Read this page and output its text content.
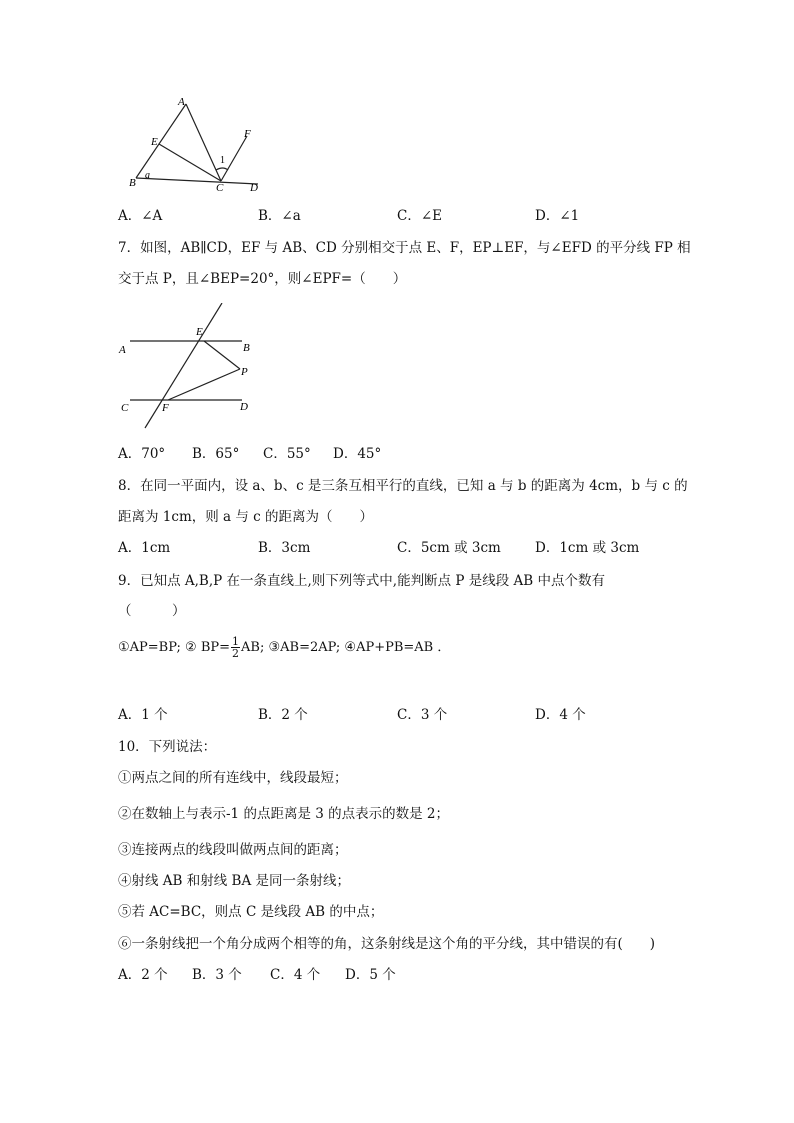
A
E
F
B	C D
a
1
A．∠A	B．∠a	C．∠E	D．∠1
7．如图，AB∥CD，EF 与 AB、CD 分别相交于点 E、F，EP⊥EF，与∠EFD 的平分线 FP 相
交于点 P，且∠BEP=20°，则∠EPF=（　　）
A
E
B
P
C	F	D
A．70° B．65° C．55° D．45°
8．在同一平面内，设 a、b、c 是三条互相平行的直线，已知 a 与 b 的距离为 4cm，b 与 c 的
距离为 1cm，则 a 与 c 的距离为（　　）
A．1cm	B．3cm	C．5cm 或 3cm	D．1cm 或 3cm
9．已知点 A,B,P 在一条直线上,则下列等式中,能判断点 P 是线段 AB 中点个数有
（　　　）
①AP=BP; ② $BP= \frac{1}{2}$ AB; ③AB=2AP; ④AP+PB=AB ．
A．1 个	B．2 个	C．3 个	D．4 个
10．下列说法：
①两点之间的所有连线中，线段最短；
②在数轴上与表示-1 的点距离是 3 的点表示的数是 2；
③连接两点的线段叫做两点间的距离；
④射线 AB 和射线 BA 是同一条射线；
⑤若 AC=BC，则点 C 是线段 AB 的中点；
⑥一条射线把一个角分成两个相等的角，这条射线是这个角的平分线，其中错误的有(　　)
A．2 个 B．3 个 C．4 个 D．5 个
